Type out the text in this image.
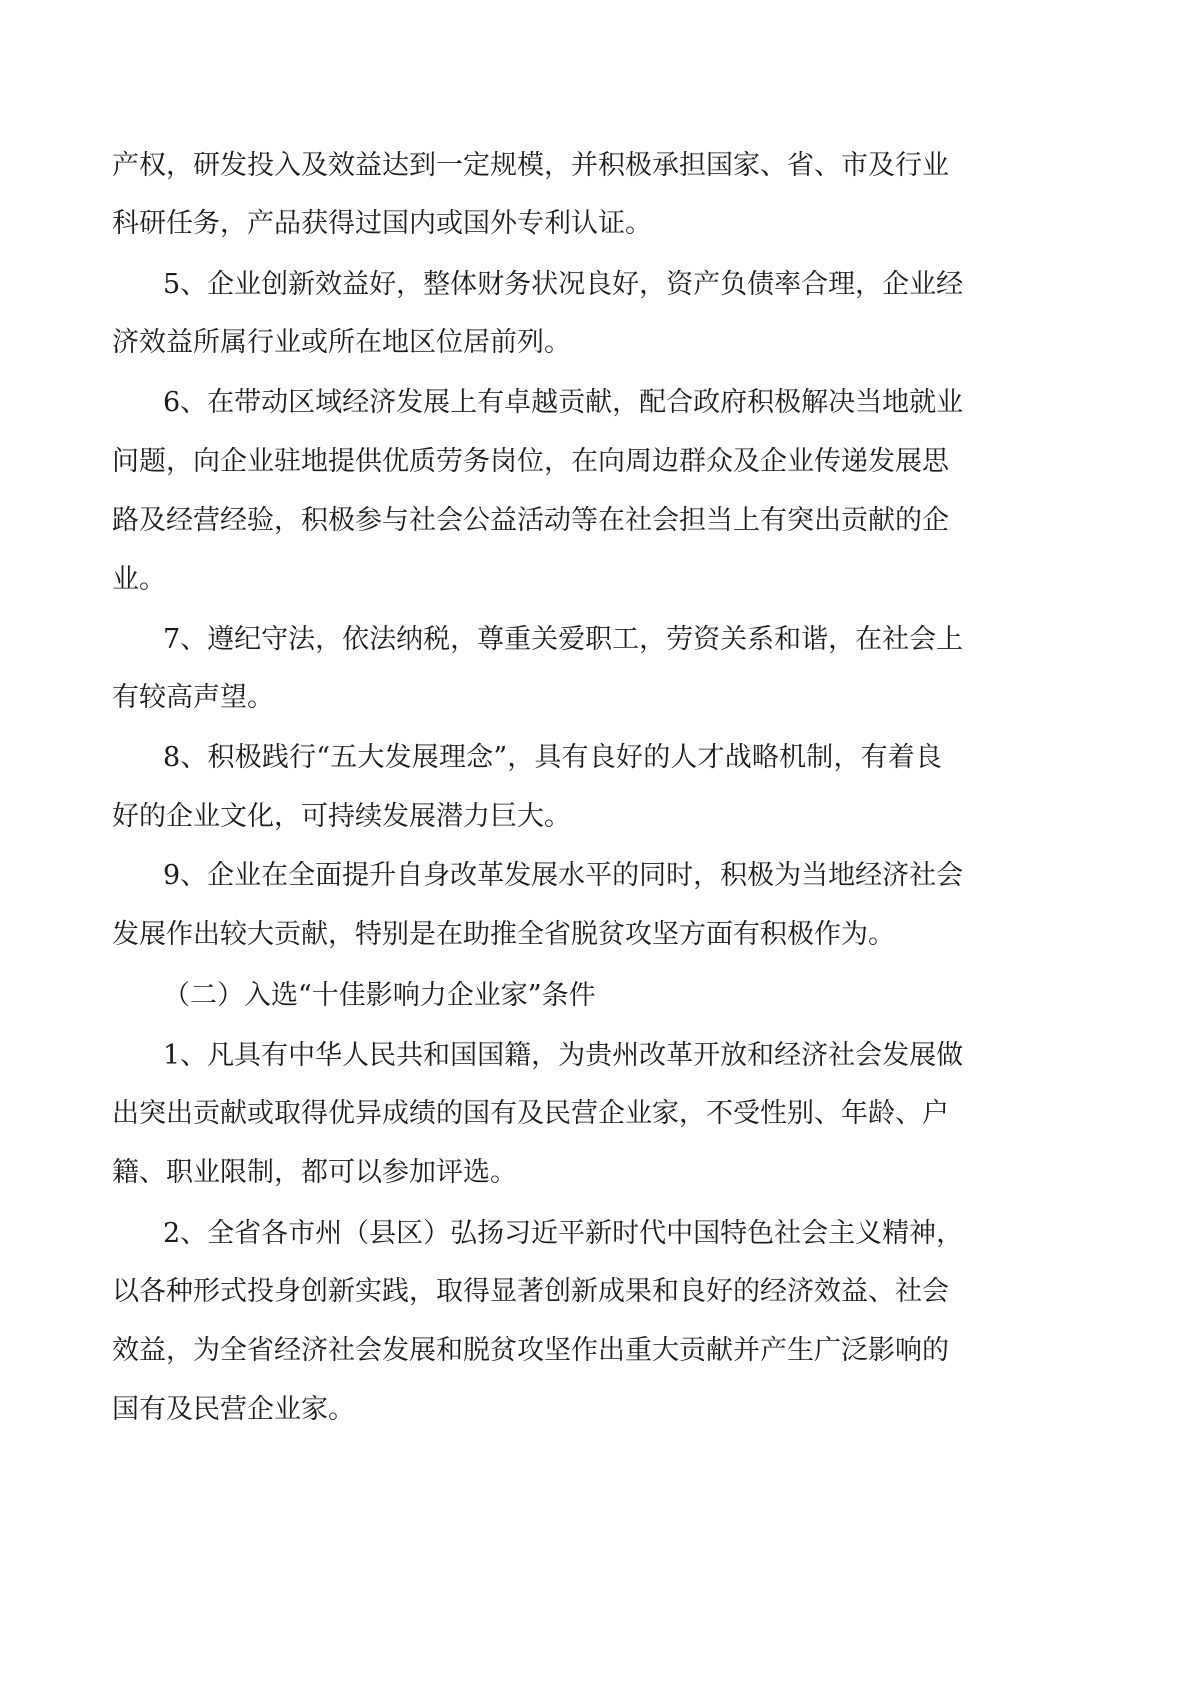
产权，研发投入及效益达到一定规模，并积极承担国家、省、市及行业
科研任务，产品获得过国内或国外专利认证。
5、企业创新效益好，整体财务状况良好，资产负债率合理，企业经
济效益所属行业或所在地区位居前列。
6、在带动区域经济发展上有卓越贡献，配合政府积极解决当地就业
问题，向企业驻地提供优质劳务岗位，在向周边群众及企业传递发展思
路及经营经验，积极参与社会公益活动等在社会担当上有突出贡献的企
业。
7、遵纪守法，依法纳税，尊重关爱职工，劳资关系和谐，在社会上
有较高声望。
8、积极践行“五大发展理念”，具有良好的人才战略机制，有着良
好的企业文化，可持续发展潜力巨大。
9、企业在全面提升自身改革发展水平的同时，积极为当地经济社会
发展作出较大贡献，特别是在助推全省脱贫攻坚方面有积极作为。
（二）入选“十佳影响力企业家”条件
1、凡具有中华人民共和国国籍，为贵州改革开放和经济社会发展做
出突出贡献或取得优异成绩的国有及民营企业家，不受性别、年龄、户
籍、职业限制，都可以参加评选。
2、全省各市州（县区）弘扬习近平新时代中国特色社会主义精神，
以各种形式投身创新实践，取得显著创新成果和良好的经济效益、社会
效益，为全省经济社会发展和脱贫攻坚作出重大贡献并产生广泛影响的
国有及民营企业家。
